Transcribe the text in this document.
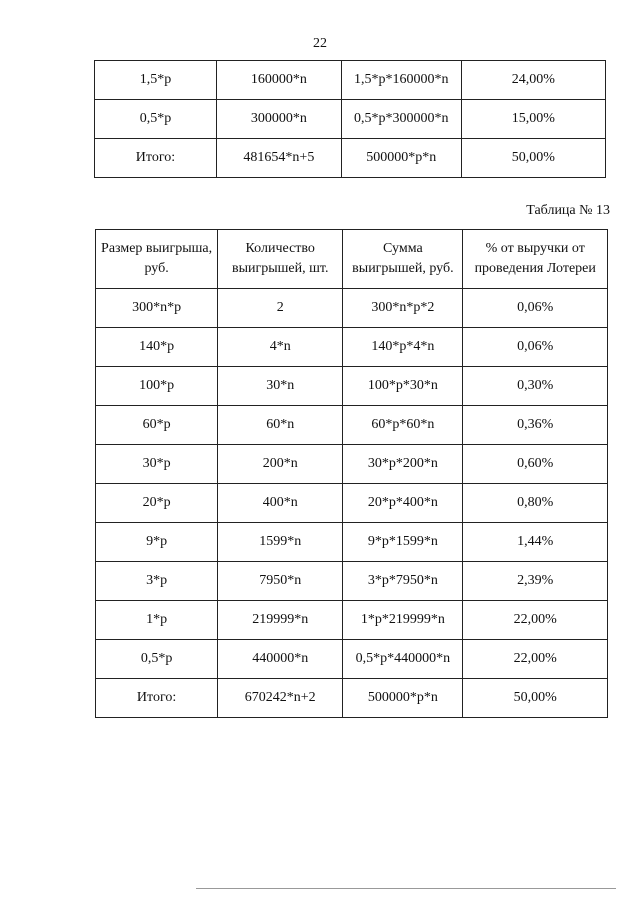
22
1,5*р	160000*n	1,5*р*160000*n	24,00%
0,5*р	300000*n	0,5*р*300000*n	15,00%
Итого:	481654*n+5	500000*р*n	50,00%
Таблица № 13
Размер выигрыша, руб.	Количество выигрышей, шт.	Сумма выигрышей, руб.	% от выручки от проведения Лотереи
300*n*р	2	300*n*р*2	0,06%
140*р	4*n	140*р*4*n	0,06%
100*р	30*n	100*р*30*n	0,30%
60*р	60*n	60*р*60*n	0,36%
30*р	200*n	30*р*200*n	0,60%
20*р	400*n	20*р*400*n	0,80%
9*р	1599*n	9*р*1599*n	1,44%
3*р	7950*n	3*р*7950*n	2,39%
1*р	219999*n	1*р*219999*n	22,00%
0,5*р	440000*n	0,5*р*440000*n	22,00%
Итого:	670242*n+2	500000*р*n	50,00%
